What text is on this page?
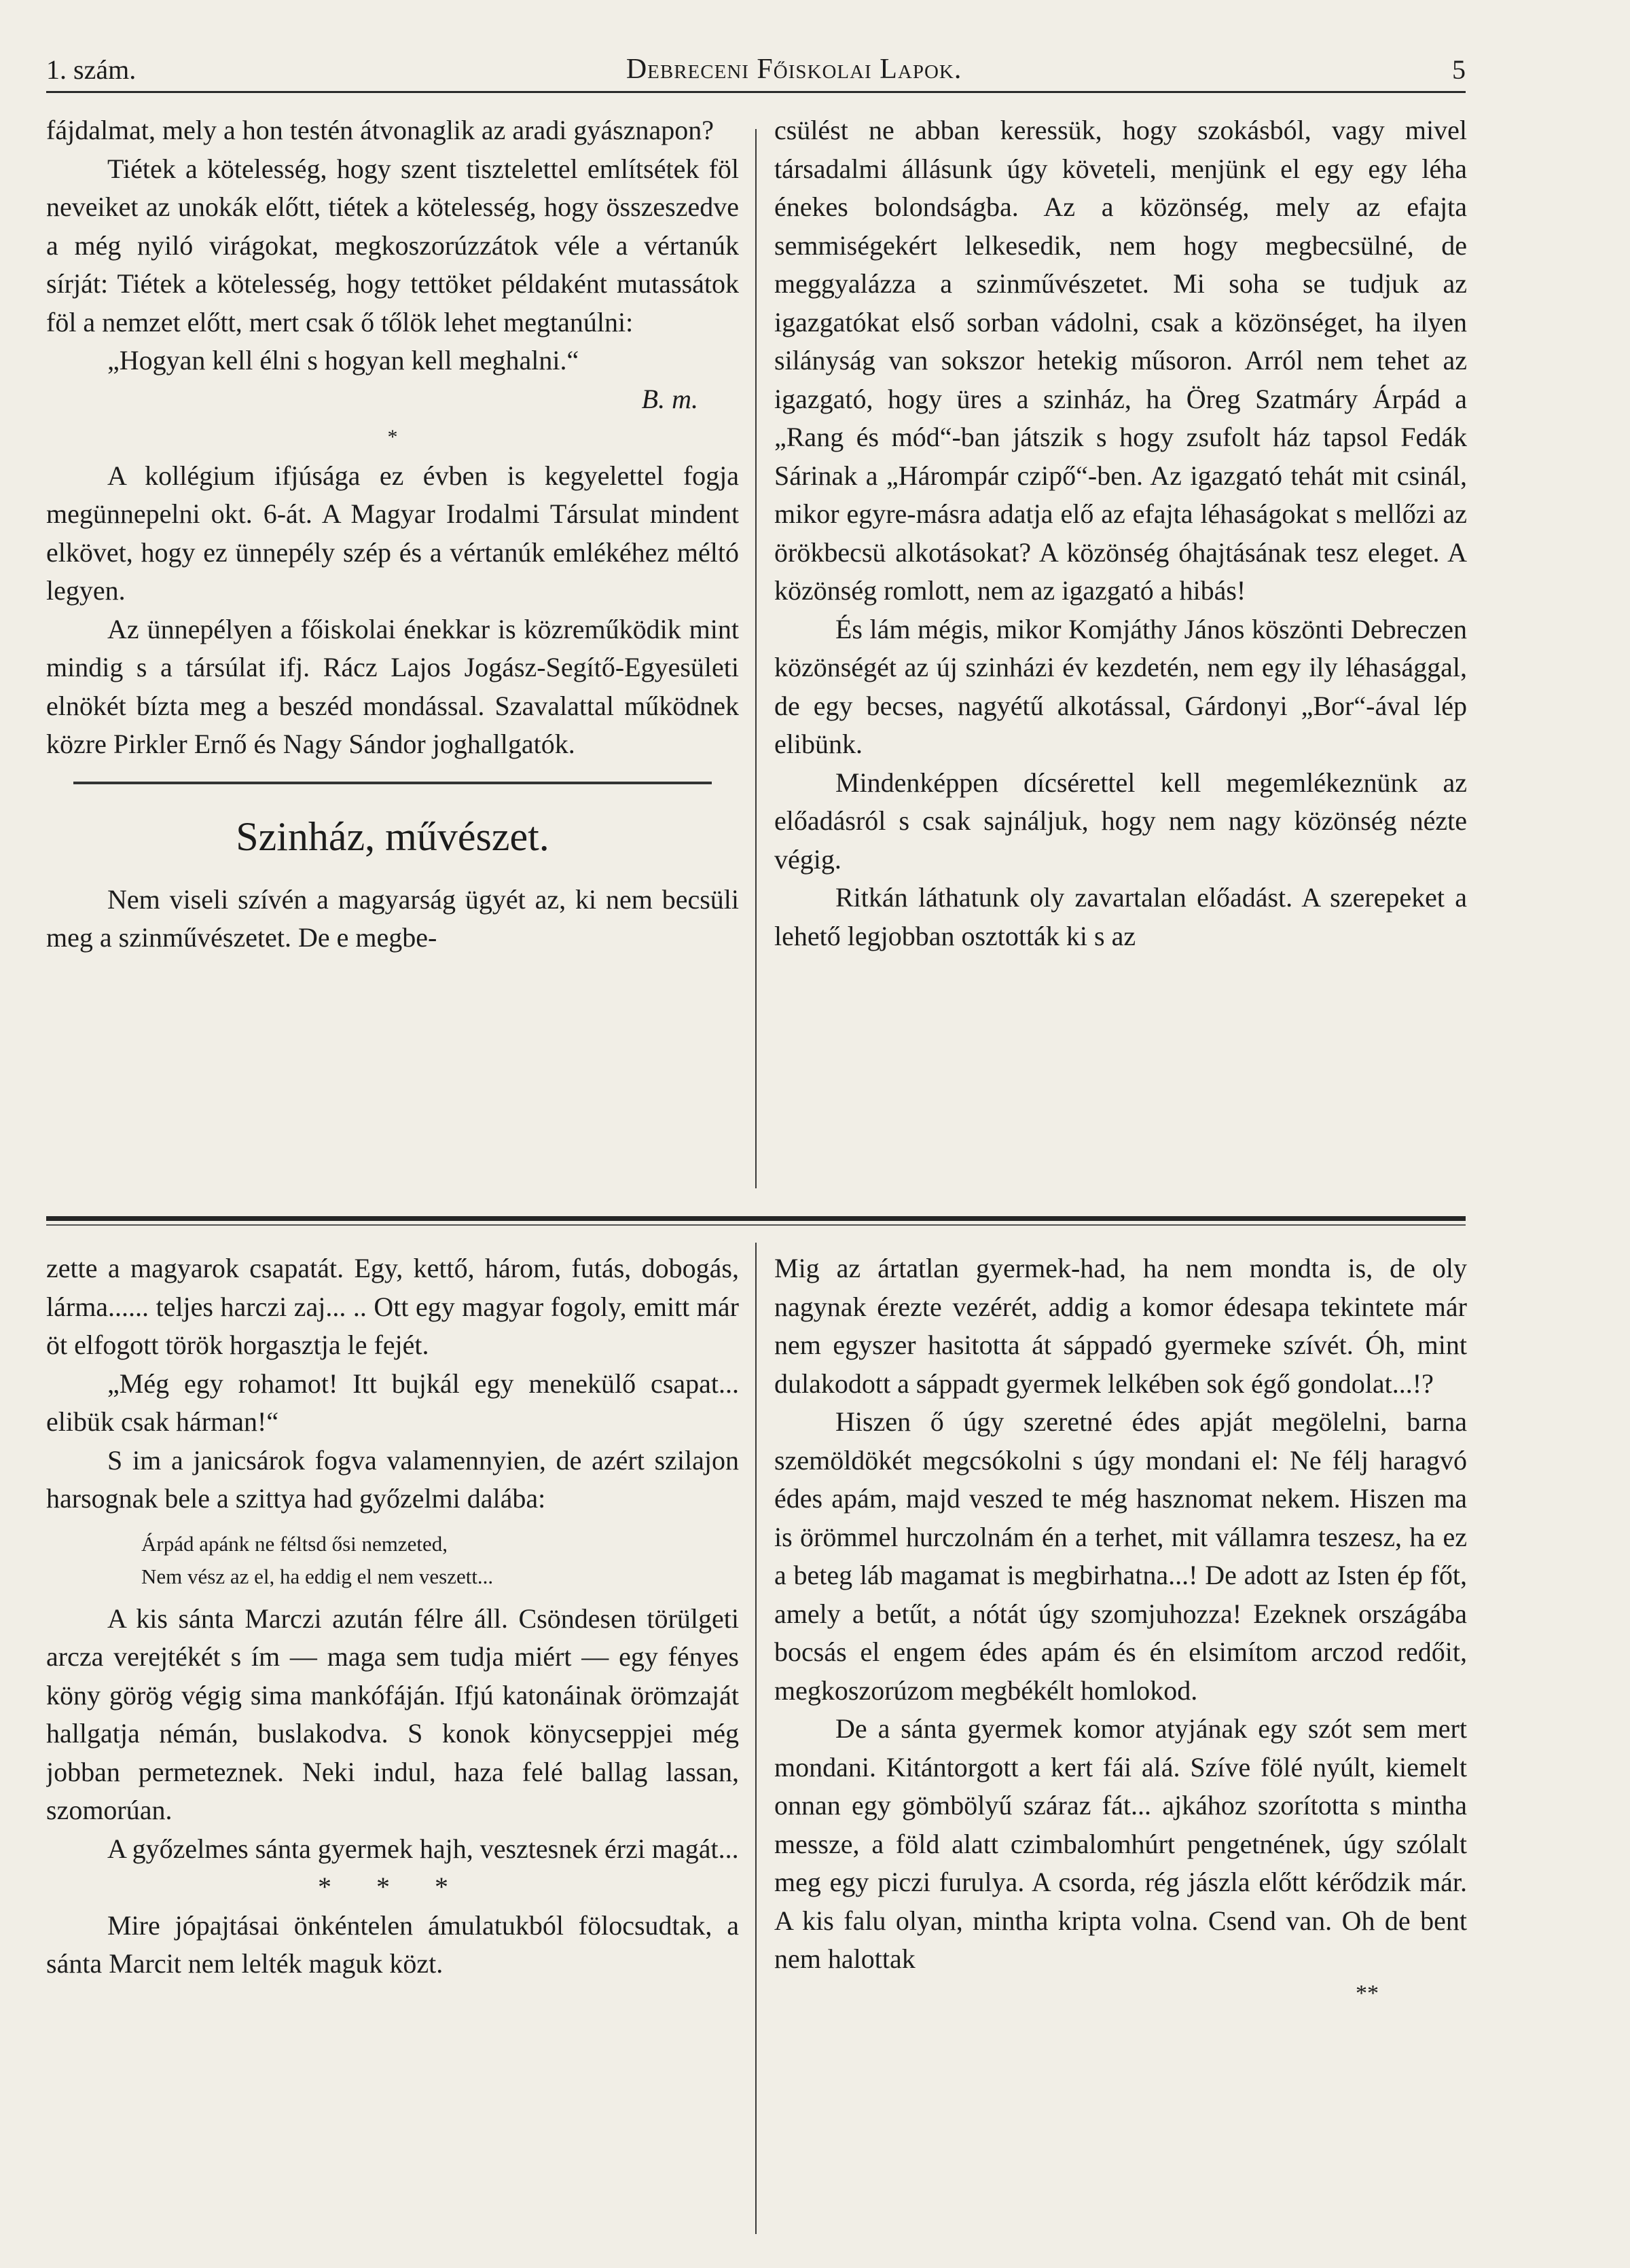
1. szám.	Debreceni Főiskolai Lapok.	5

fájdalmat, mely a hon testén átvonaglik az aradi gyásznapon?

Tiétek a kötelesség, hogy szent tisztelettel említsétek föl neveiket az unokák előtt, tiétek a kötelesség, hogy összeszedve a még nyiló virágokat, megkoszorúzzátok véle a vértanúk sírját: Tiétek a kötelesség, hogy tettöket példaként mutassátok föl a nemzet előtt, mert csak ő tőlök lehet megtanúlni:

„Hogyan kell élni s hogyan kell meghalni.“

B. m.

*

A kollégium ifjúsága ez évben is kegyelettel fogja megünnepelni okt. 6-át. A Magyar Irodalmi Társulat mindent elkövet, hogy ez ünnepély szép és a vértanúk emlékéhez méltó legyen.

Az ünnepélyen a főiskolai énekkar is közreműködik mint mindig s a társúlat ifj. Rácz Lajos Jogász-Segítő-Egyesületi elnökét bízta meg a beszéd mondással. Szavalattal működnek közre Pirkler Ernő és Nagy Sándor joghallgatók.

Szinház, művészet.

Nem viseli szívén a magyarság ügyét az, ki nem becsüli meg a szinművészetet. De e megbe-

csülést ne abban keressük, hogy szokásból, vagy mivel társadalmi állásunk úgy követeli, menjünk el egy egy léha énekes bolondságba. Az a közönség, mely az efajta semmiségekért lelkesedik, nem hogy megbecsülné, de meggyalázza a szinművészetet. Mi soha se tudjuk az igazgatókat első sorban vádolni, csak a közönséget, ha ilyen silányság van sokszor hetekig műsoron. Arról nem tehet az igazgató, hogy üres a szinház, ha Öreg Szatmáry Árpád a „Rang és mód“-ban játszik s hogy zsufolt ház tapsol Fedák Sárinak a „Hárompár czipő“-ben. Az igazgató tehát mit csinál, mikor egyre-másra adatja elő az efajta léhaságokat s mellőzi az örökbecsü alkotásokat? A közönség óhajtásának tesz eleget. A közönség romlott, nem az igazgató a hibás!

És lám mégis, mikor Komjáthy János köszönti Debreczen közönségét az új szinházi év kezdetén, nem egy ily léhasággal, de egy becses, nagyétű alkotással, Gárdonyi „Bor“-ával lép elibünk.

Mindenképpen dícsérettel kell megemlékeznünk az előadásról s csak sajnáljuk, hogy nem nagy közönség nézte végig.

Ritkán láthatunk oly zavartalan előadást. A szerepeket a lehető legjobban osztották ki s az

zette a magyarok csapatát. Egy, kettő, három, futás, dobogás, lárma...... teljes harczi zaj... .. Ott egy magyar fogoly, emitt már öt elfogott török horgasztja le fejét.

„Még egy rohamot! Itt bujkál egy menekülő csapat... elibük csak hárman!“

S im a janicsárok fogva valamennyien, de azért szilajon harsognak bele a szittya had győzelmi dalába:

Árpád apánk ne féltsd ősi nemzeted,

Nem vész az el, ha eddig el nem veszett...

A kis sánta Marczi azután félre áll. Csöndesen törülgeti arcza verejtékét s ím — maga sem tudja miért — egy fényes köny görög végig sima mankófáján. Ifjú katonáinak örömzaját hallgatja némán, buslakodva. S konok könycseppjei még jobban permeteznek. Neki indul, haza felé ballag lassan, szomorúan.

A győzelmes sánta gyermek hajh, vesztesnek érzi magát...

* * *

Mire jópajtásai önkéntelen ámulatukból fölocsudtak, a sánta Marcit nem lelték maguk közt.

Mig az ártatlan gyermek-had, ha nem mondta is, de oly nagynak érezte vezérét, addig a komor édesapa tekintete már nem egyszer hasitotta át sáppadó gyermeke szívét. Óh, mint dulakodott a sáppadt gyermek lelkében sok égő gondolat...!?

Hiszen ő úgy szeretné édes apját megölelni, barna szemöldökét megcsókolni s úgy mondani el: Ne félj haragvó édes apám, majd veszed te még hasznomat nekem. Hiszen ma is örömmel hurczolnám én a terhet, mit vállamra teszesz, ha ez a beteg láb magamat is megbirhatna...! De adott az Isten ép főt, amely a betűt, a nótát úgy szomjuhozza! Ezeknek országába bocsás el engem édes apám és én elsimítom arczod redőit, megkoszorúzom megbékélt homlokod.

De a sánta gyermek komor atyjának egy szót sem mert mondani. Kitántorgott a kert fái alá. Szíve fölé nyúlt, kiemelt onnan egy gömbölyű száraz fát... ajkához szorította s mintha messze, a föld alatt czimbalomhúrt pengetnének, úgy szólalt meg egy piczi furulya. A csorda, rég jászla előtt kérődzik már. A kis falu olyan, mintha kripta volna. Csend van. Oh de bent nem halottak

**
